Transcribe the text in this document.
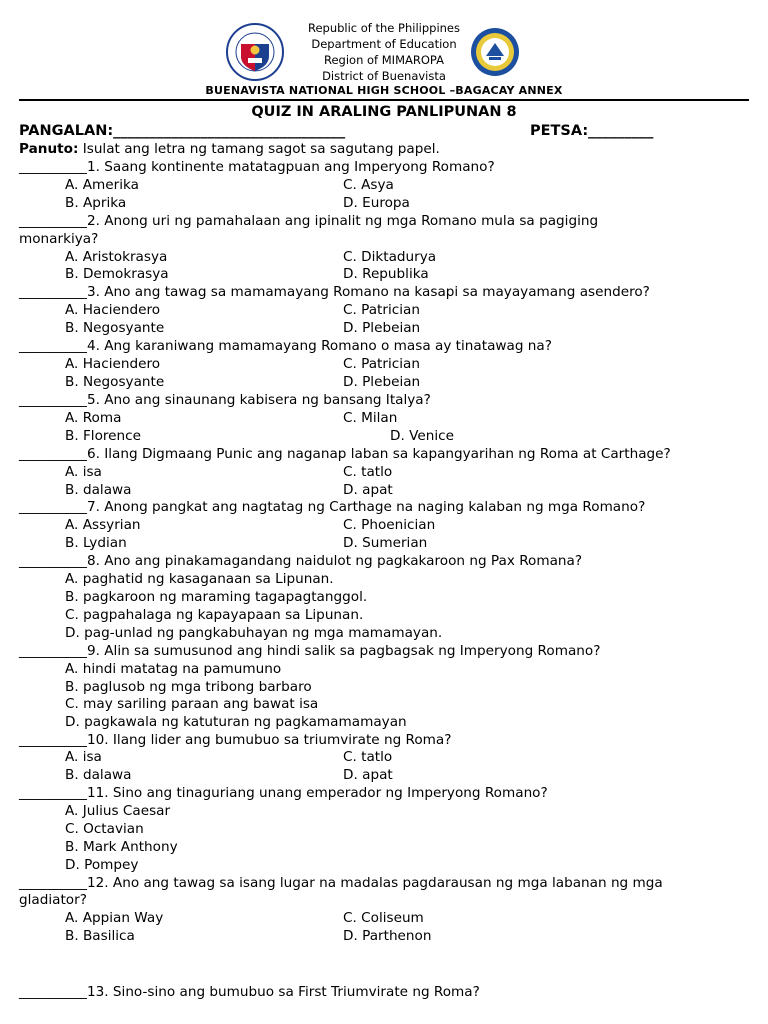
Republic of the Philippines
Department of Education
Region of MIMAROPA
District of Buenavista
BUENAVISTA NATIONAL HIGH SCHOOL –BAGACAY ANNEX
QUIZ IN ARALING PANLIPUNAN 8
PANGALAN:________________________________	PETSA:_________
Panuto: Isulat ang letra ng tamang sagot sa sagutang papel.
__________1. Saang kontinente matatagpuan ang Imperyong Romano?
A. Amerika	C. Asya
B. Aprika	D. Europa
__________2. Anong uri ng pamahalaan ang ipinalit ng mga Romano mula sa pagiging
monarkiya?
A. Aristokrasya	C. Diktadurya
B. Demokrasya	D. Republika
__________3. Ano ang tawag sa mamamayang Romano na kasapi sa mayayamang asendero?
A. Haciendero	C. Patrician
B. Negosyante	D. Plebeian
__________4. Ang karaniwang mamamayang Romano o masa ay tinatawag na?
A. Haciendero	C. Patrician
B. Negosyante	D. Plebeian
__________5. Ano ang sinaunang kabisera ng bansang Italya?
A. Roma	C. Milan
B. Florence	D. Venice
__________6. Ilang Digmaang Punic ang naganap laban sa kapangyarihan ng Roma at Carthage?
A. isa	C. tatlo
B. dalawa	D. apat
__________7. Anong pangkat ang nagtatag ng Carthage na naging kalaban ng mga Romano?
A. Assyrian	C. Phoenician
B. Lydian	D. Sumerian
__________8. Ano ang pinakamagandang naidulot ng pagkakaroon ng Pax Romana?
A. paghatid ng kasaganaan sa Lipunan.
B. pagkaroon ng maraming tagapagtanggol.
C. pagpahalaga ng kapayapaan sa Lipunan.
D. pag-unlad ng pangkabuhayan ng mga mamamayan.
__________9. Alin sa sumusunod ang hindi salik sa pagbagsak ng Imperyong Romano?
A. hindi matatag na pamumuno
B. paglusob ng mga tribong barbaro
C. may sariling paraan ang bawat isa
D. pagkawala ng katuturan ng pagkamamamayan
__________10. Ilang lider ang bumubuo sa triumvirate ng Roma?
A. isa	C. tatlo
B. dalawa	D. apat
__________11. Sino ang tinaguriang unang emperador ng Imperyong Romano?
A. Julius Caesar
C. Octavian
B. Mark Anthony
D. Pompey
__________12. Ano ang tawag sa isang lugar na madalas pagdarausan ng mga labanan ng mga
gladiator?
A. Appian Way	C. Coliseum
B. Basilica	D. Parthenon
__________13. Sino-sino ang bumubuo sa First Triumvirate ng Roma?
